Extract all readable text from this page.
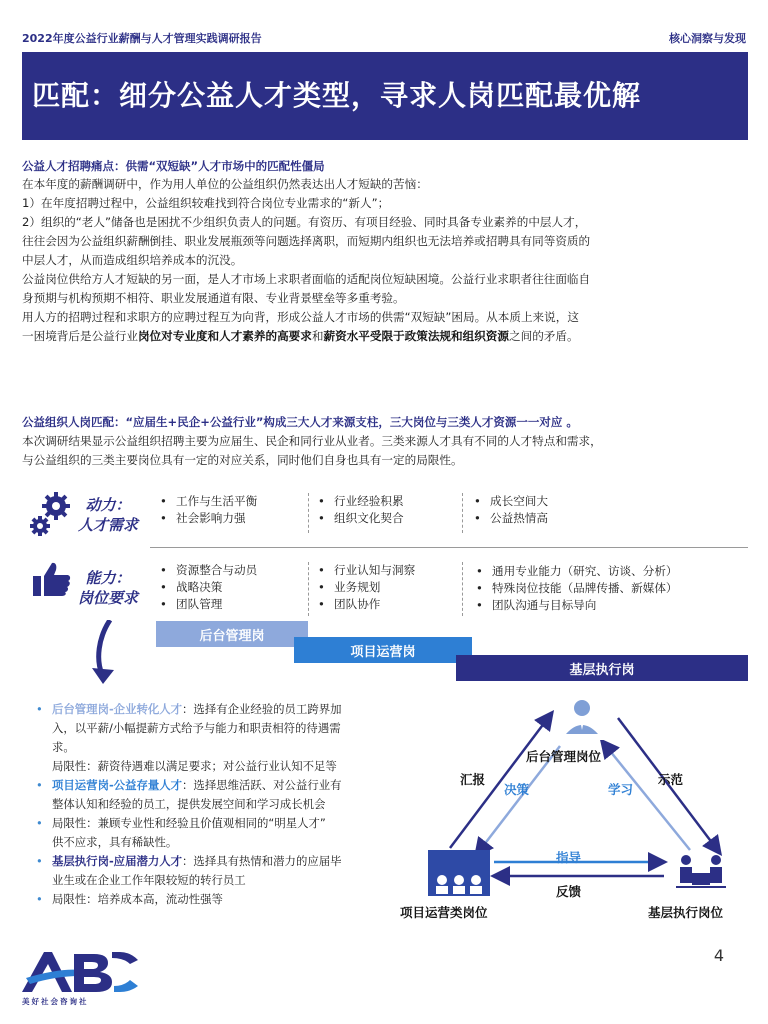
2022年度公益行业薪酬与人才管理实践调研报告	核心洞察与发现
匹配：细分公益人才类型，寻求人岗匹配最优解
公益人才招聘痛点：供需“双短缺”人才市场中的匹配性僵局
在本年度的薪酬调研中，作为用人单位的公益组织仍然表达出人才短缺的苦恼：
1）在年度招聘过程中，公益组织较难找到符合岗位专业需求的“新人”；
2）组织的“老人”储备也是困扰不少组织负责人的问题。有资历、有项目经验、同时具备专业素养的中层人才，
往往会因为公益组织薪酬倒挂、职业发展瓶颈等问题选择离职，而短期内组织也无法培养或招聘具有同等资质的
中层人才，从而造成组织培养成本的沉没。
公益岗位供给方人才短缺的另一面，是人才市场上求职者面临的适配岗位短缺困境。公益行业求职者往往面临自
身预期与机构预期不相符、职业发展通道有限、专业背景壁垒等多重考验。
用人方的招聘过程和求职方的应聘过程互为向背，形成公益人才市场的供需“双短缺”困局。从本质上来说，这
一困境背后是公益行业岗位对专业度和人才素养的高要求和薪资水平受限于政策法规和组织资源之间的矛盾。
公益组织人岗匹配：“应届生+民企+公益行业”构成三大人才来源支柱，三大岗位与三类人才资源一一对应 。
本次调研结果显示公益组织招聘主要为应届生、民企和同行业从业者。三类来源人才具有不同的人才特点和需求，
与公益组织的三类主要岗位具有一定的对应关系，同时他们自身也具有一定的局限性。
动力：
人才需求
• 工作与生活平衡
• 社会影响力强
• 行业经验积累
• 组织文化契合
• 成长空间大
• 公益热情高
能力：
岗位要求
• 资源整合与动员
• 战略决策
• 团队管理
• 行业认知与洞察
• 业务规划
• 团队协作
• 通用专业能力（研究、访谈、分析）
• 特殊岗位技能（品牌传播、新媒体）
• 团队沟通与目标导向
后台管理岗
项目运营岗
基层执行岗
• 后台管理岗-企业转化人才：选择有企业经验的员工跨界加
入，以平薪/小幅提薪方式给予与能力和职责相符的待遇需
求。
局限性：薪资待遇难以满足要求；对公益行业认知不足等
• 项目运营岗-公益存量人才：选择思维活跃、对公益行业有
整体认知和经验的员工，提供发展空间和学习成长机会
• 局限性：兼顾专业性和经验且价值观相同的“明星人才”
供不应求，具有稀缺性。
• 基层执行岗-应届潜力人才：选择具有热情和潜力的应届毕
业生或在企业工作年限较短的转行员工
• 局限性：培养成本高，流动性强等
后台管理岗位
项目运营类岗位	基层执行岗位
汇报
决策
示范
学习
指导
反馈
4
美好社会咨询社
